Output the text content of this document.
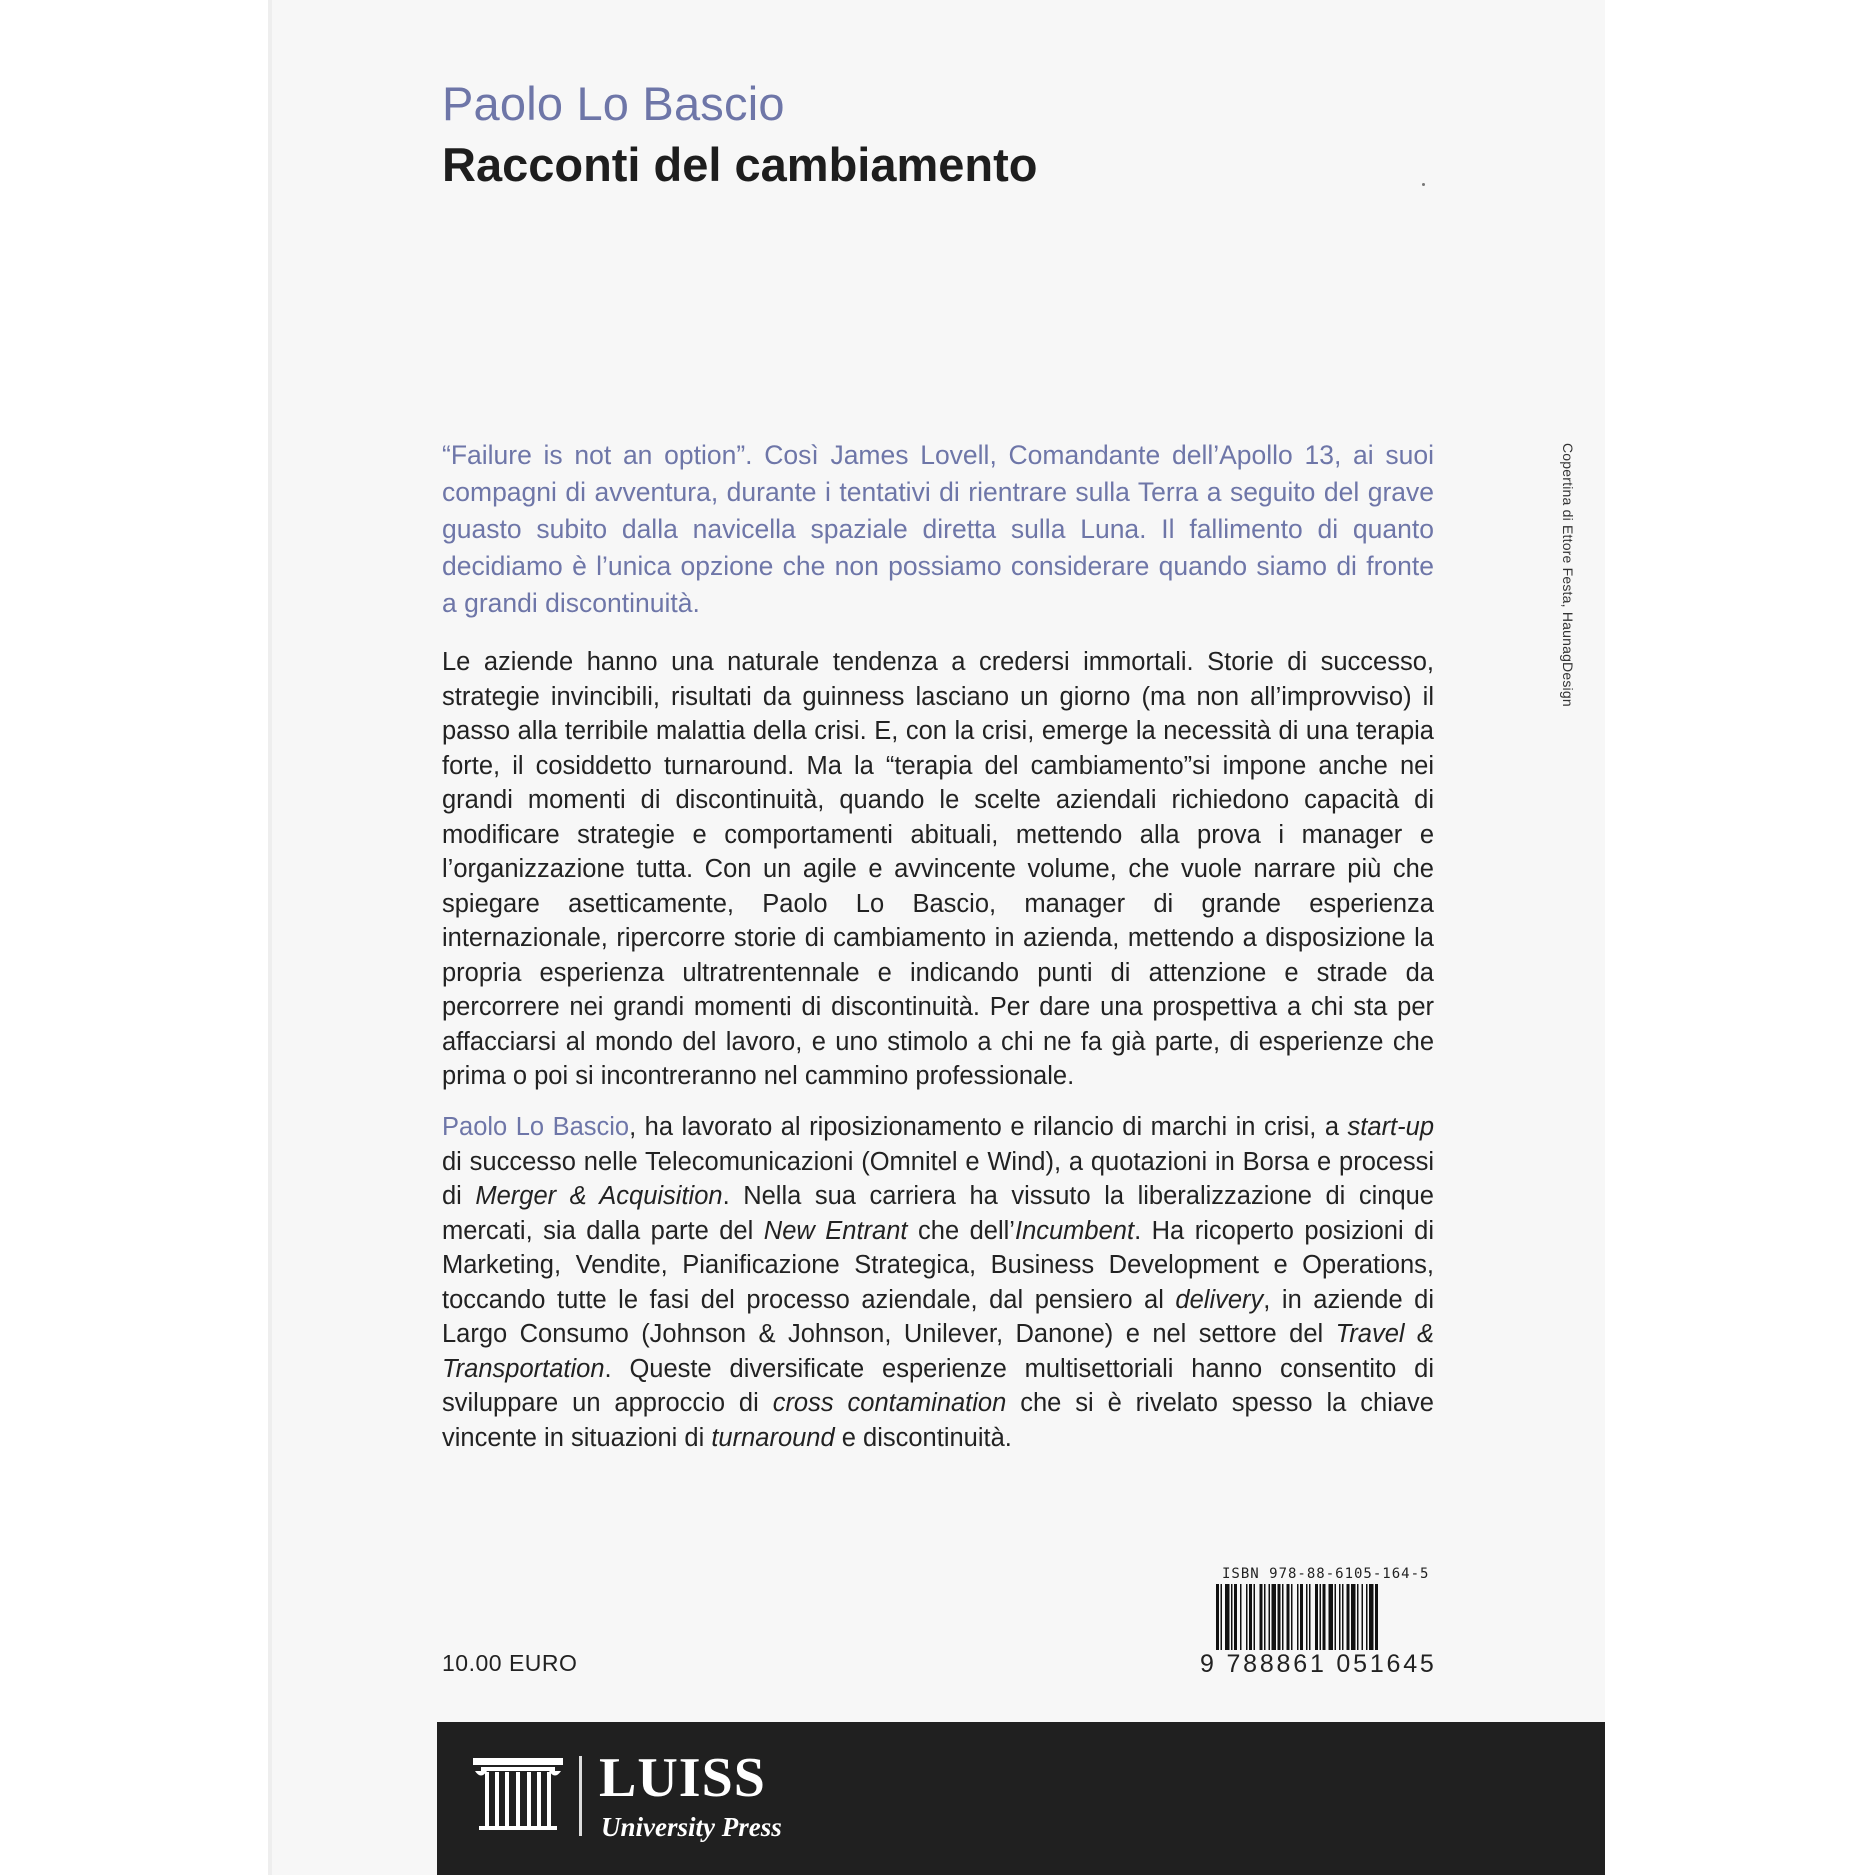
Paolo Lo Bascio
Racconti del cambiamento
“Failure is not an option”. Così James Lovell, Comandante dell’Apollo 13, ai suoi compagni di avventura, durante i tentativi di rientrare sulla Terra a seguito del grave guasto subito dalla navicella spaziale diretta sulla Luna. Il fallimento di quanto decidiamo è l’unica opzione che non possiamo considerare quando siamo di fronte a grandi discontinuità.
Le aziende hanno una naturale tendenza a credersi immortali. Storie di successo, strategie invincibili, risultati da guinness lasciano un giorno (ma non all’improvviso) il passo alla terribile malattia della crisi. E, con la crisi, emerge la necessità di una terapia forte, il cosiddetto turnaround. Ma la “terapia del cambiamento”si impone anche nei grandi momenti di discontinuità, quando le scelte aziendali richiedono capacità di modificare strategie e comportamenti abituali, mettendo alla prova i manager e l’organizzazione tutta. Con un agile e avvincente volume, che vuole narrare più che spiegare asetticamente, Paolo Lo Bascio, manager di grande esperienza internazionale, ripercorre storie di cambiamento in azienda, mettendo a disposizione la propria esperienza ultratrentennale e indicando punti di attenzione e strade da percorrere nei grandi momenti di discontinuità. Per dare una prospettiva a chi sta per affacciarsi al mondo del lavoro, e uno stimolo a chi ne fa già parte, di esperienze che prima o poi si incontreranno nel cammino professionale.
Paolo Lo Bascio, ha lavorato al riposizionamento e rilancio di marchi in crisi, a start-up di successo nelle Telecomunicazioni (Omnitel e Wind), a quotazioni in Borsa e processi di Merger & Acquisition. Nella sua carriera ha vissuto la liberalizzazione di cinque mercati, sia dalla parte del New Entrant che dell’Incumbent. Ha ricoperto posizioni di Marketing, Vendite, Pianificazione Strategica, Business Development e Operations, toccando tutte le fasi del processo aziendale, dal pensiero al delivery, in aziende di Largo Consumo (Johnson & Johnson, Unilever, Danone) e nel settore del Travel & Transportation. Queste diversificate esperienze multisettoriali hanno consentito di sviluppare un approccio di cross contamination che si è rivelato spesso la chiave vincente in situazioni di turnaround e discontinuità.
Copertina di Ettore Festa, HaunagDesign
10.00 EURO
ISBN 978-88-6105-164-5
9 788861 051645
LUISS
University Press
